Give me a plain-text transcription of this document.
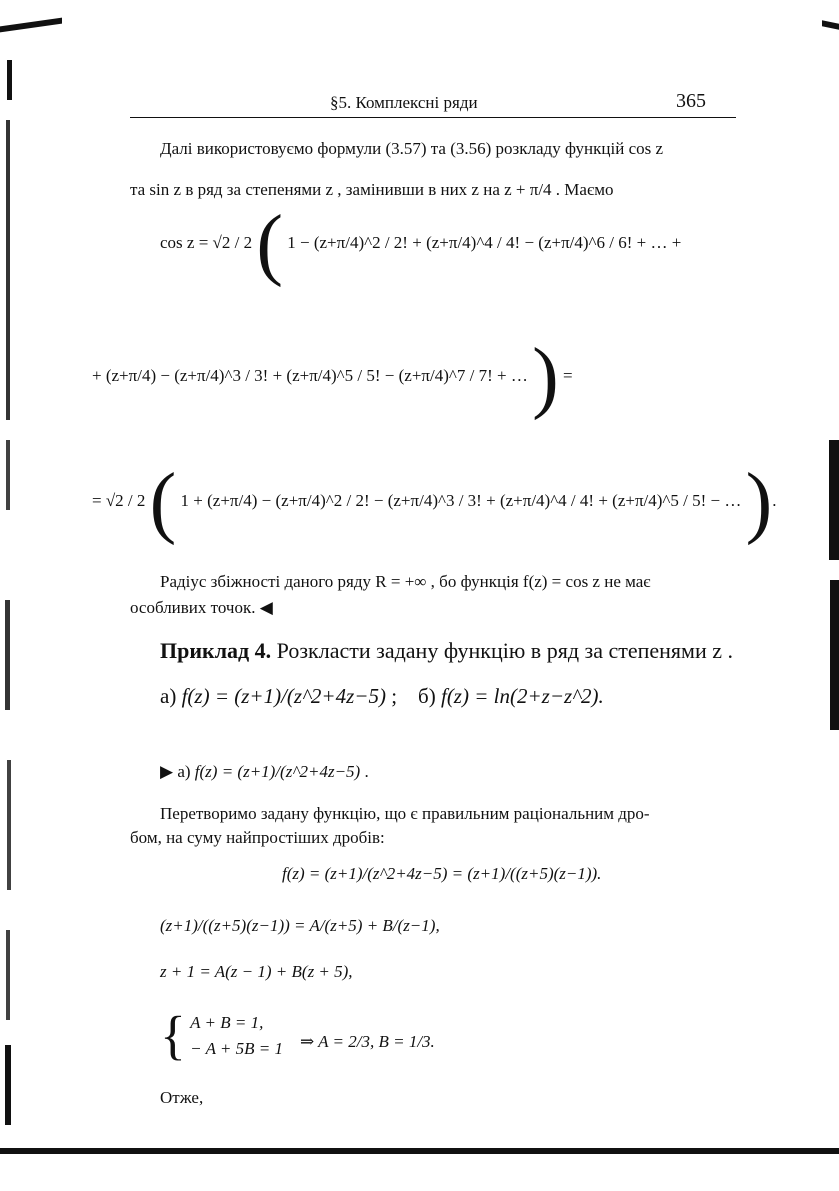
§5. Комплексні ряди	365
Далі використовуємо формули (3.57) та (3.56) розкладу функцій cos z
та sin z в ряд за степенями z , замінивши в них z на z + π/4 . Маємо
cos z = √2 / 2 ( 1 − (z+π/4)^2 / 2! + (z+π/4)^4 / 4! − (z+π/4)^6 / 6! + … +
+ (z+π/4) − (z+π/4)^3 / 3! + (z+π/4)^5 / 5! − (z+π/4)^7 / 7! + … ) =
= √2 / 2 ( 1 + (z+π/4) − (z+π/4)^2 / 2! − (z+π/4)^3 / 3! + (z+π/4)^4 / 4! + (z+π/4)^5 / 5! − … ).
Радіус збіжності даного ряду R = +∞ , бо функція f(z) = cos z не має
особливих точок. ◀
Приклад 4. Розкласти задану функцію в ряд за степенями z .
а) f(z) = (z+1)/(z^2+4z−5) ;    б) f(z) = ln(2+z−z^2).
▶ а) f(z) = (z+1)/(z^2+4z−5) .
Перетворимо задану функцію, що є правильним раціональним дро-
бом, на суму найпростіших дробів:
f(z) = (z+1)/(z^2+4z−5) = (z+1)/((z+5)(z−1)).
(z+1)/((z+5)(z−1)) = A/(z+5) + B/(z−1),
z + 1 = A(z − 1) + B(z + 5),
{ A + B = 1,
− A + 5B = 1 ⇒ A = 2/3, B = 1/3.
Отже,
